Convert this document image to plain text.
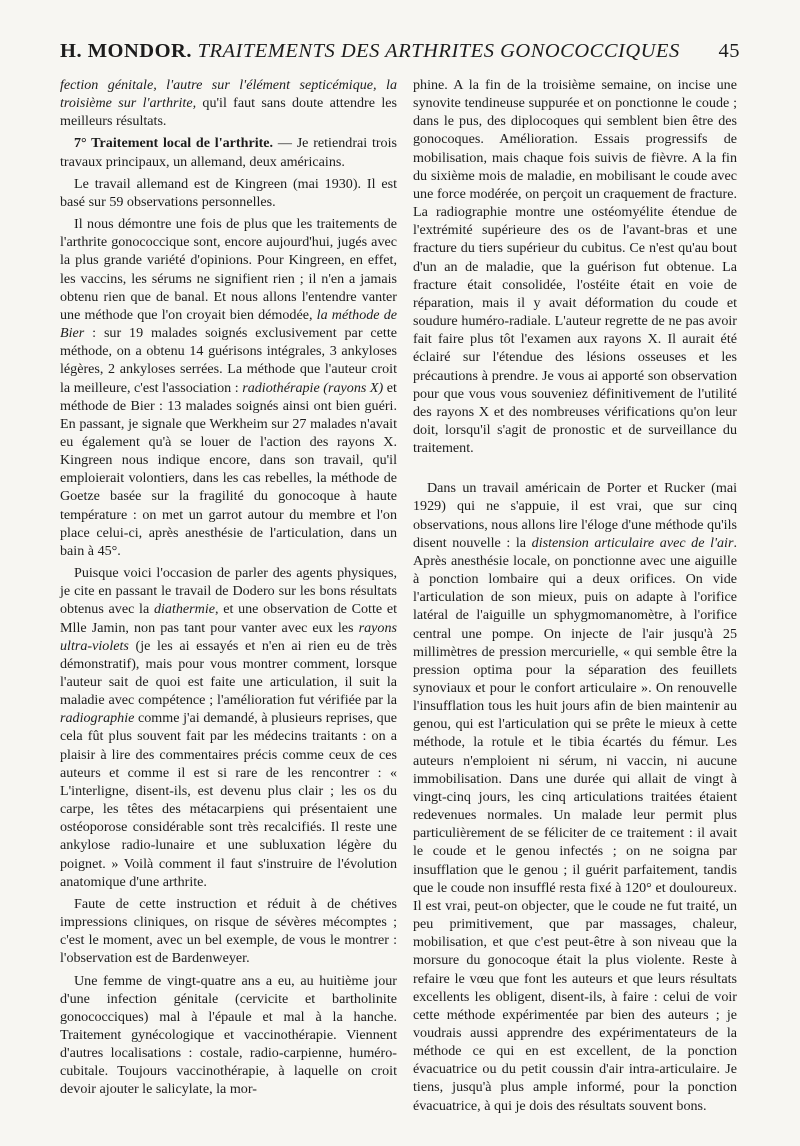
H. MONDOR. TRAITEMENTS DES ARTHRITES GONOCOCCIQUES 45

fection génitale, l'autre sur l'élément septicémique, la troisième sur l'arthrite, qu'il faut sans doute attendre les meilleurs résultats.

7° Traitement local de l'arthrite. — Je retiendrai trois travaux principaux, un allemand, deux américains.

Le travail allemand est de Kingreen (mai 1930). Il est basé sur 59 observations personnelles.

Il nous démontre une fois de plus que les traitements de l'arthrite gonococcique sont, encore aujourd'hui, jugés avec la plus grande variété d'opinions. Pour Kingreen, en effet, les vaccins, les sérums ne signifient rien ; il n'en a jamais obtenu rien que de banal. Et nous allons l'entendre vanter une méthode que l'on croyait bien démodée, la méthode de Bier : sur 19 malades soignés exclusivement par cette méthode, on a obtenu 14 guérisons intégrales, 3 ankyloses légères, 2 ankyloses serrées. La méthode que l'auteur croit la meilleure, c'est l'association : radiothérapie (rayons X) et méthode de Bier : 13 malades soignés ainsi ont bien guéri. En passant, je signale que Werkheim sur 27 malades n'avait eu également qu'à se louer de l'action des rayons X. Kingreen nous indique encore, dans son travail, qu'il emploierait volontiers, dans les cas rebelles, la méthode de Goetze basée sur la fragilité du gonocoque à haute température : on met un garrot autour du membre et l'on place celui-ci, après anesthésie de l'articulation, dans un bain à 45°.

Puisque voici l'occasion de parler des agents physiques, je cite en passant le travail de Dodero sur les bons résultats obtenus avec la diathermie, et une observation de Cotte et Mlle Jamin, non pas tant pour vanter avec eux les rayons ultra-violets (je les ai essayés et n'en ai rien eu de très démonstratif), mais pour vous montrer comment, lorsque l'auteur sait de quoi est faite une articulation, il suit la maladie avec compétence ; l'amélioration fut vérifiée par la radiographie comme j'ai demandé, à plusieurs reprises, que cela fût plus souvent fait par les médecins traitants : on a plaisir à lire des commentaires précis comme ceux de ces auteurs et comme il est si rare de les rencontrer : « L'interligne, disent-ils, est devenu plus clair ; les os du carpe, les têtes des métacarpiens qui présentaient une ostéoporose considérable sont très recalcifiés. Il reste une ankylose radio-lunaire et une subluxation légère du poignet. » Voilà comment il faut s'instruire de l'évolution anatomique d'une arthrite.

Faute de cette instruction et réduit à de chétives impressions cliniques, on risque de sévères mécomptes ; c'est le moment, avec un bel exemple, de vous le montrer : l'observation est de Bardenweyer.

Une femme de vingt-quatre ans a eu, au huitième jour d'une infection génitale (cervicite et bartholinite gonococciques) mal à l'épaule et mal à la hanche. Traitement gynécologique et vaccinothérapie. Viennent d'autres localisations : costale, radio-carpienne, huméro-cubitale. Toujours vaccinothérapie, à laquelle on croit devoir ajouter le salicylate, la mor-

phine. A la fin de la troisième semaine, on incise une synovite tendineuse suppurée et on ponctionne le coude ; dans le pus, des diplocoques qui semblent bien être des gonocoques. Amélioration. Essais progressifs de mobilisation, mais chaque fois suivis de fièvre. A la fin du sixième mois de maladie, en mobilisant le coude avec une force modérée, on perçoit un craquement de fracture. La radiographie montre une ostéomyélite étendue de l'extrémité supérieure des os de l'avant-bras et une fracture du tiers supérieur du cubitus. Ce n'est qu'au bout d'un an de maladie, que la guérison fut obtenue. La fracture était consolidée, l'ostéite était en voie de réparation, mais il y avait déformation du coude et soudure huméro-radiale. L'auteur regrette de ne pas avoir fait faire plus tôt l'examen aux rayons X. Il aurait été éclairé sur l'étendue des lésions osseuses et les précautions à prendre. Je vous ai apporté son observation pour que vous vous souveniez définitivement de l'utilité des rayons X et des nombreuses vérifications qu'on leur doit, lorsqu'il s'agit de pronostic et de surveillance du traitement.

Dans un travail américain de Porter et Rucker (mai 1929) qui ne s'appuie, il est vrai, que sur cinq observations, nous allons lire l'éloge d'une méthode qu'ils disent nouvelle : la distension articulaire avec de l'air. Après anesthésie locale, on ponctionne avec une aiguille à ponction lombaire qui a deux orifices. On vide l'articulation de son mieux, puis on adapte à l'orifice latéral de l'aiguille un sphygmomanomètre, à l'orifice central une pompe. On injecte de l'air jusqu'à 25 millimètres de pression mercurielle, « qui semble être la pression optima pour la séparation des feuillets synoviaux et pour le confort articulaire ». On renouvelle l'insufflation tous les huit jours afin de bien maintenir au genou, qui est l'articulation qui se prête le mieux à cette méthode, la rotule et le tibia écartés du fémur. Les auteurs n'emploient ni sérum, ni vaccin, ni aucune immobilisation. Dans une durée qui allait de vingt à vingt-cinq jours, les cinq articulations traitées étaient redevenues normales. Un malade leur permit plus particulièrement de se féliciter de ce traitement : il avait le coude et le genou infectés ; on ne soigna par insufflation que le genou ; il guérit parfaitement, tandis que le coude non insufflé resta fixé à 120° et douloureux. Il est vrai, peut-on objecter, que le coude ne fut traité, un peu primitivement, que par massages, chaleur, mobilisation, et que c'est peut-être à son niveau que la morsure du gonocoque était la plus violente. Reste à refaire le vœu que font les auteurs et que leurs résultats excellents les obligent, disent-ils, à faire : celui de voir cette méthode expérimentée par bien des auteurs ; je voudrais aussi apprendre des expérimentateurs de la méthode ce qui en est excellent, de la ponction évacuatrice ou du petit coussin d'air intra-articulaire. Je tiens, jusqu'à plus ample informé, pour la ponction évacuatrice, à qui je dois des résultats souvent bons.
